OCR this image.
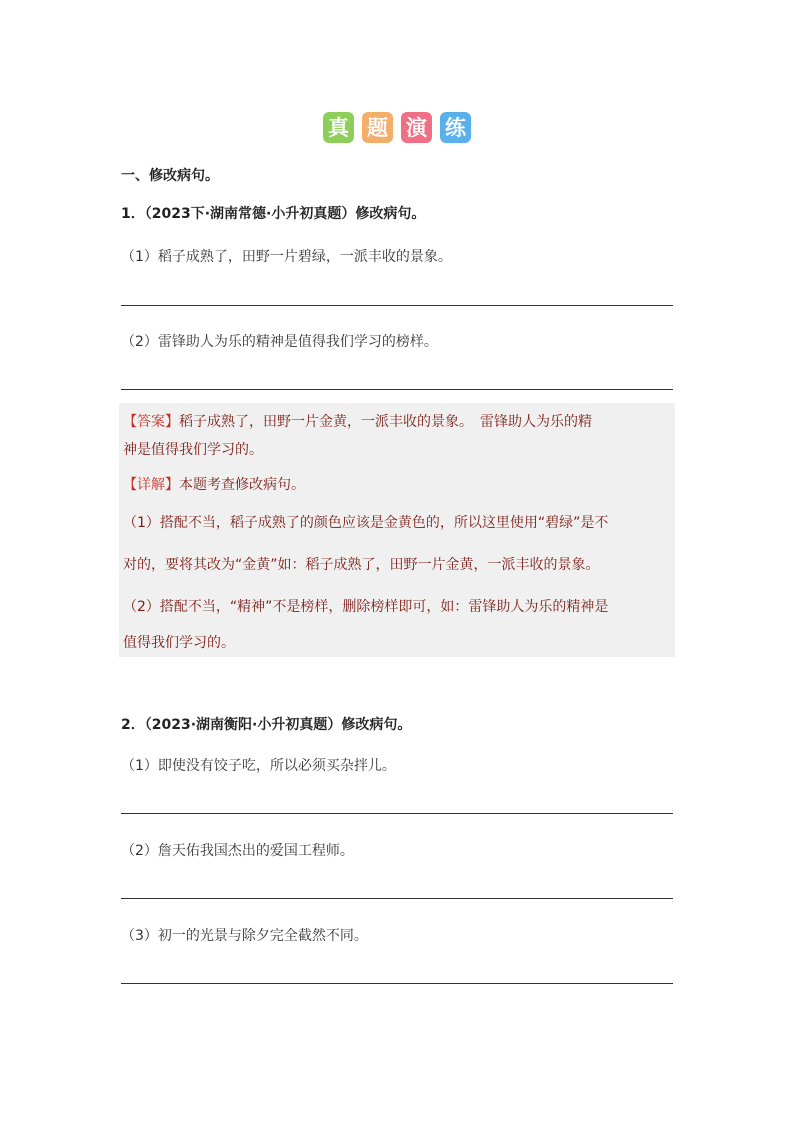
真 题 演 练
一、修改病句。
1．（2023下·湖南常德·小升初真题）修改病句。
（1）稻子成熟了，田野一片碧绿，一派丰收的景象。
（2）雷锋助人为乐的精神是值得我们学习的榜样。
【答案】稻子成熟了，田野一片金黄，一派丰收的景象。　雷锋助人为乐的精
神是值得我们学习的。
【详解】本题考查修改病句。
（1）搭配不当，稻子成熟了的颜色应该是金黄色的，所以这里使用“碧绿”是不
对的，要将其改为“金黄”如：稻子成熟了，田野一片金黄，一派丰收的景象。
（2）搭配不当，“精神”不是榜样，删除榜样即可，如：雷锋助人为乐的精神是
值得我们学习的。
2．（2023·湖南衡阳·小升初真题）修改病句。
（1）即使没有饺子吃，所以必须买杂拌儿。
（2）詹天佑我国杰出的爱国工程师。
（3）初一的光景与除夕完全截然不同。
